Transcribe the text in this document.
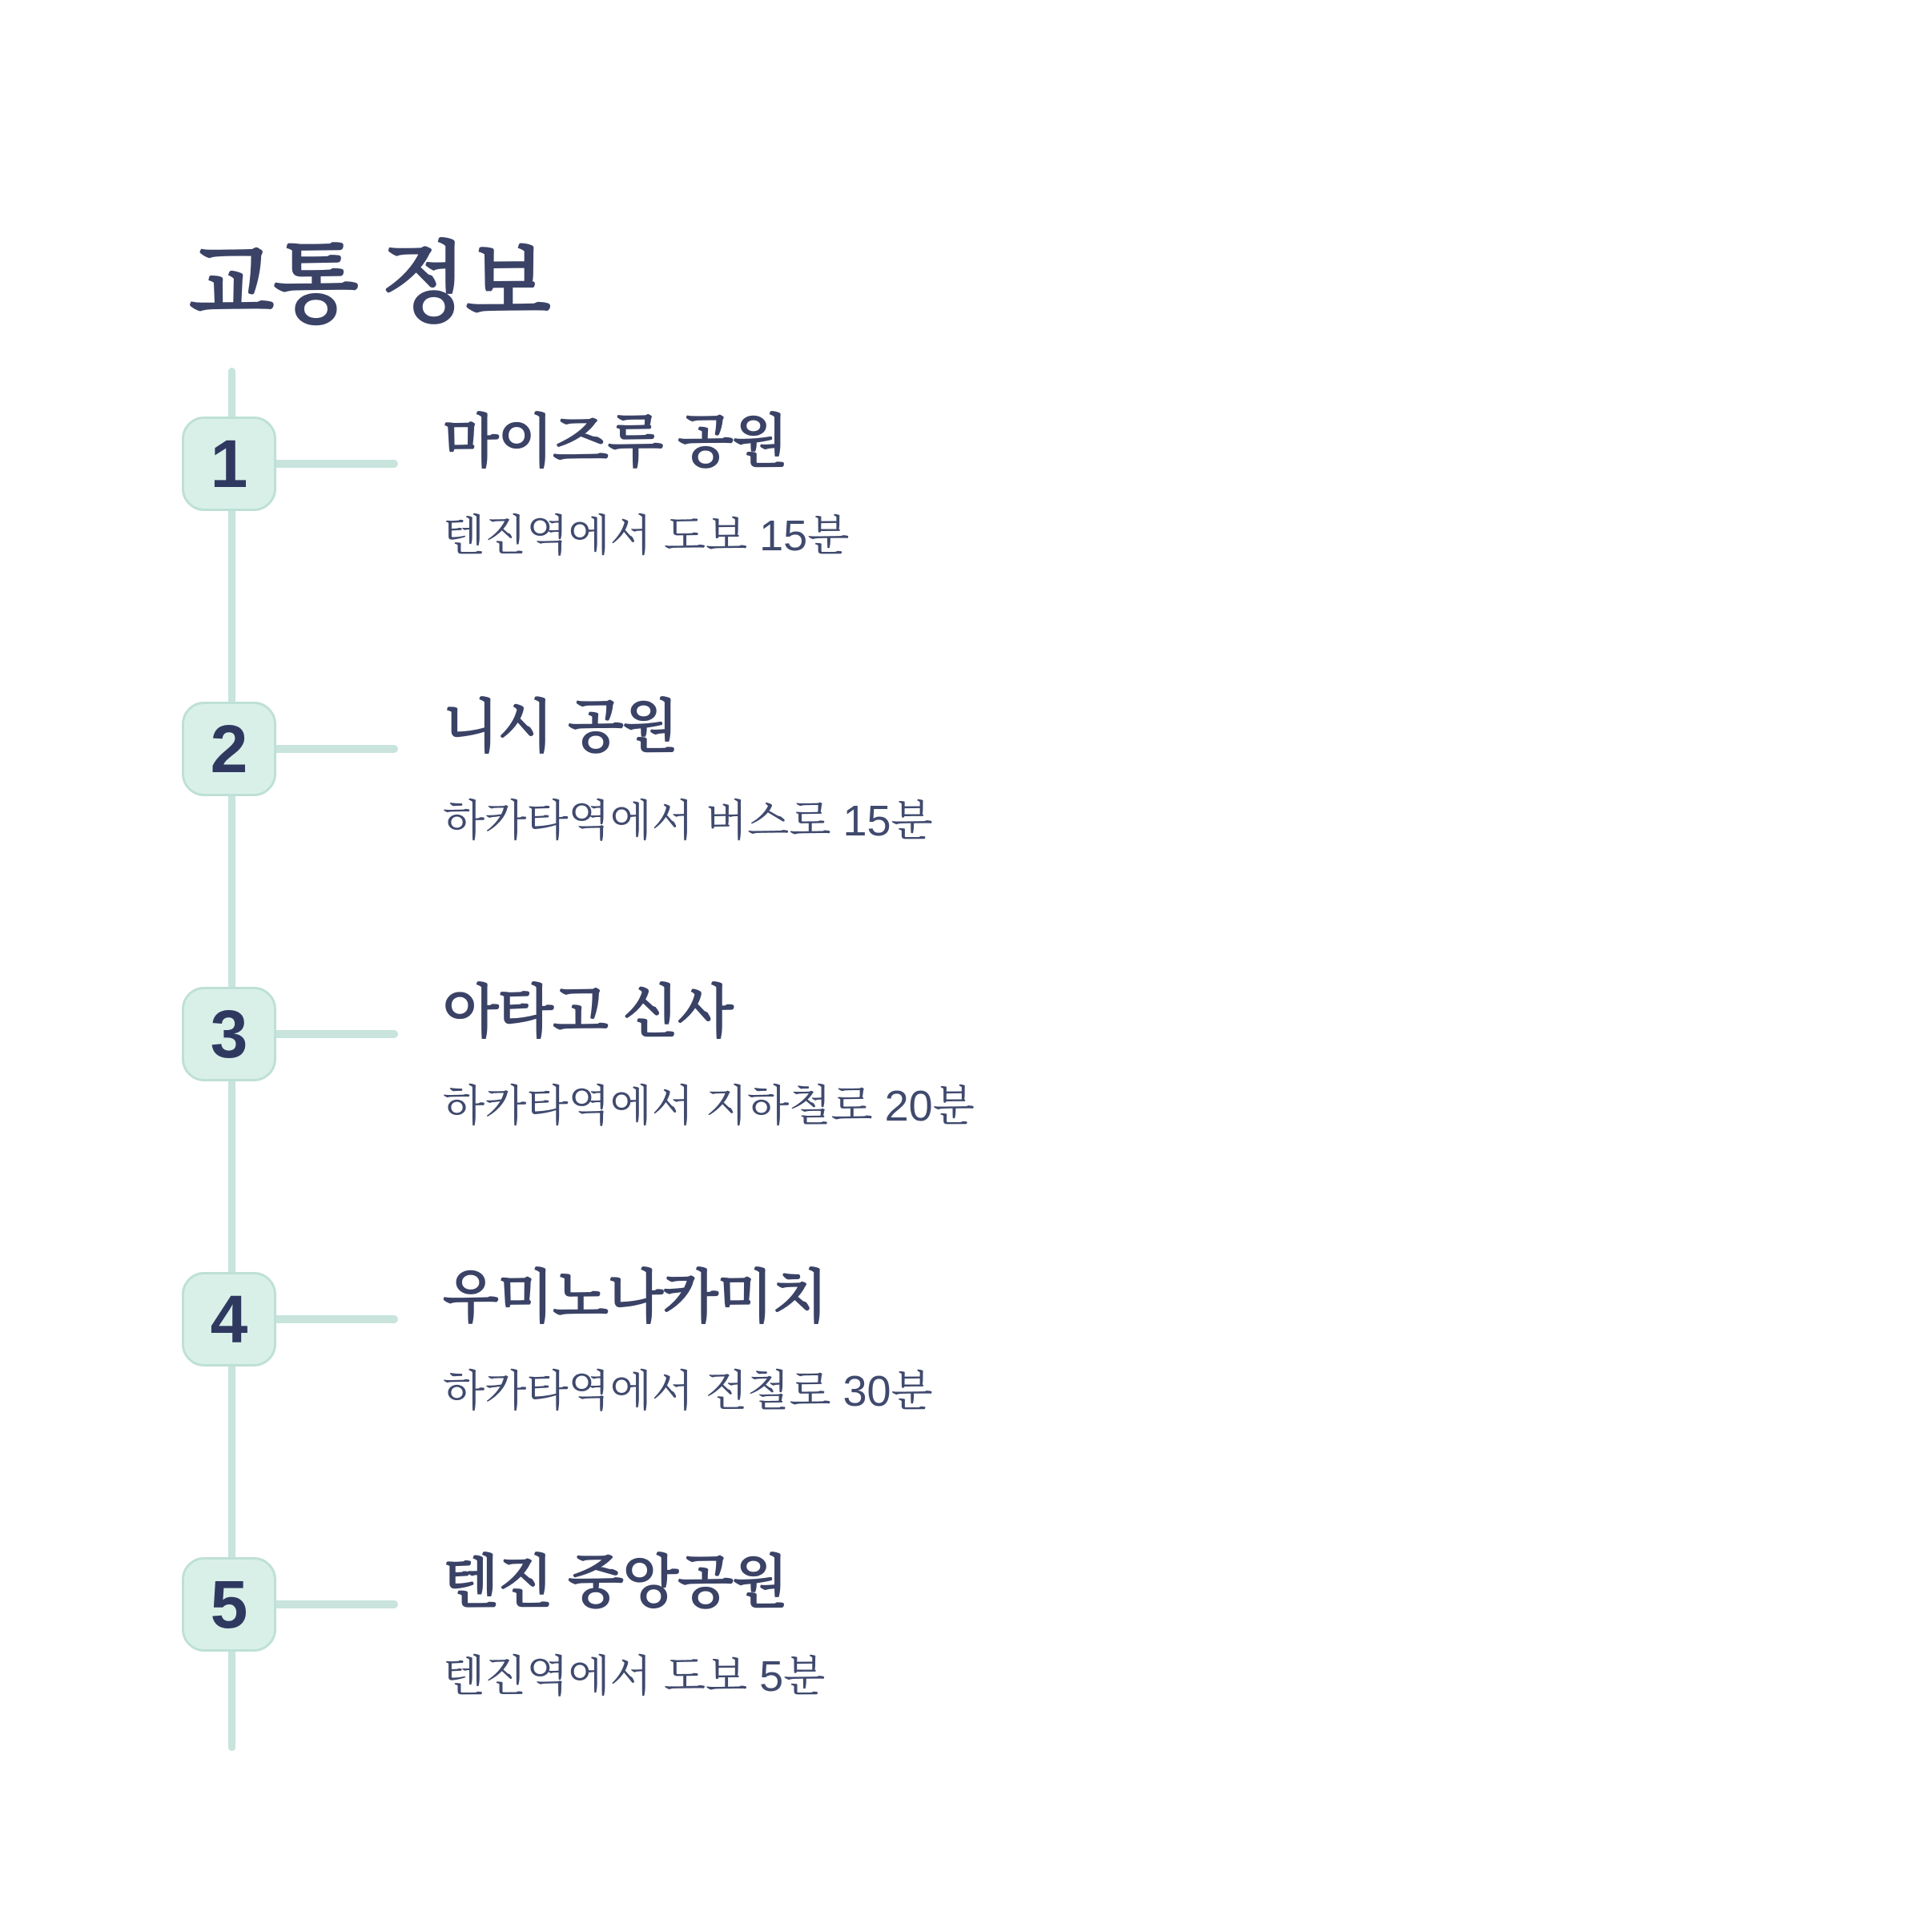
교통 정보
1	마이즈루 공원
텐진역에서 도보 15분
2	니시 공원
하카타역에서 버스로 15분
3	아타고 신사
하카타역에서 지하철로 20분
4	우미노나카미치
하카타역에서 전철로 30분
5	텐진 중앙공원
텐진역에서 도보 5분
